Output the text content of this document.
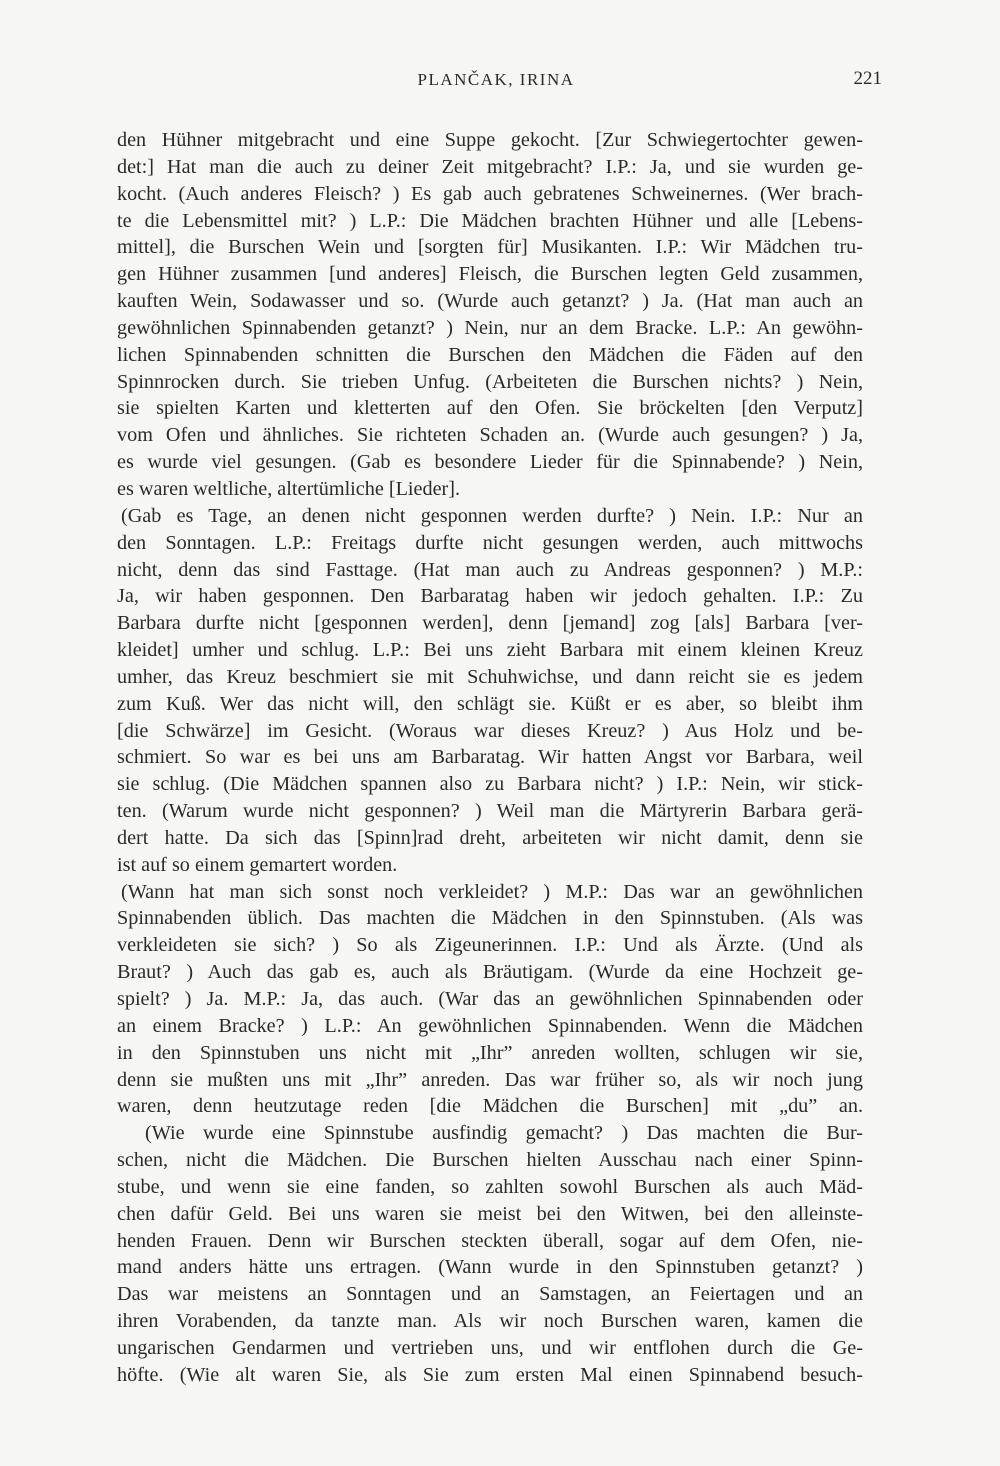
PLANČAK, IRINA	221
den Hühner mitgebracht und eine Suppe gekocht. [Zur Schwiegertochter gewen-
det:] Hat man die auch zu deiner Zeit mitgebracht? I.P.: Ja, und sie wurden ge-
kocht. (Auch anderes Fleisch? ) Es gab auch gebratenes Schweinernes. (Wer brach-
te die Lebensmittel mit? ) L.P.: Die Mädchen brachten Hühner und alle [Lebens-
mittel], die Burschen Wein und [sorgten für] Musikanten. I.P.: Wir Mädchen tru-
gen Hühner zusammen [und anderes] Fleisch, die Burschen legten Geld zusammen,
kauften Wein, Sodawasser und so. (Wurde auch getanzt? ) Ja. (Hat man auch an
gewöhnlichen Spinnabenden getanzt? ) Nein, nur an dem Bracke. L.P.: An gewöhn-
lichen Spinnabenden schnitten die Burschen den Mädchen die Fäden auf den
Spinnrocken durch. Sie trieben Unfug. (Arbeiteten die Burschen nichts? ) Nein,
sie spielten Karten und kletterten auf den Ofen. Sie bröckelten [den Verputz]
vom Ofen und ähnliches. Sie richteten Schaden an. (Wurde auch gesungen? ) Ja,
es wurde viel gesungen. (Gab es besondere Lieder für die Spinnabende? ) Nein,
es waren weltliche, altertümliche [Lieder].
(Gab es Tage, an denen nicht gesponnen werden durfte? ) Nein. I.P.: Nur an
den Sonntagen. L.P.: Freitags durfte nicht gesungen werden, auch mittwochs
nicht, denn das sind Fasttage. (Hat man auch zu Andreas gesponnen? ) M.P.:
Ja, wir haben gesponnen. Den Barbaratag haben wir jedoch gehalten. I.P.: Zu
Barbara durfte nicht [gesponnen werden], denn [jemand] zog [als] Barbara [ver-
kleidet] umher und schlug. L.P.: Bei uns zieht Barbara mit einem kleinen Kreuz
umher, das Kreuz beschmiert sie mit Schuhwichse, und dann reicht sie es jedem
zum Kuß. Wer das nicht will, den schlägt sie. Küßt er es aber, so bleibt ihm
[die Schwärze] im Gesicht. (Woraus war dieses Kreuz? ) Aus Holz und be-
schmiert. So war es bei uns am Barbaratag. Wir hatten Angst vor Barbara, weil
sie schlug. (Die Mädchen spannen also zu Barbara nicht? ) I.P.: Nein, wir stick-
ten. (Warum wurde nicht gesponnen? ) Weil man die Märtyrerin Barbara gerä-
dert hatte. Da sich das [Spinn]rad dreht, arbeiteten wir nicht damit, denn sie
ist auf so einem gemartert worden.
(Wann hat man sich sonst noch verkleidet? ) M.P.: Das war an gewöhnlichen
Spinnabenden üblich. Das machten die Mädchen in den Spinnstuben. (Als was
verkleideten sie sich? ) So als Zigeunerinnen. I.P.: Und als Ärzte. (Und als
Braut? ) Auch das gab es, auch als Bräutigam. (Wurde da eine Hochzeit ge-
spielt? ) Ja. M.P.: Ja, das auch. (War das an gewöhnlichen Spinnabenden oder
an einem Bracke? ) L.P.: An gewöhnlichen Spinnabenden. Wenn die Mädchen
in den Spinnstuben uns nicht mit „Ihr” anreden wollten, schlugen wir sie,
denn sie mußten uns mit „Ihr” anreden. Das war früher so, als wir noch jung
waren, denn heutzutage reden [die Mädchen die Burschen] mit „du” an.
(Wie wurde eine Spinnstube ausfindig gemacht? ) Das machten die Bur-
schen, nicht die Mädchen. Die Burschen hielten Ausschau nach einer Spinn-
stube, und wenn sie eine fanden, so zahlten sowohl Burschen als auch Mäd-
chen dafür Geld. Bei uns waren sie meist bei den Witwen, bei den alleinste-
henden Frauen. Denn wir Burschen steckten überall, sogar auf dem Ofen, nie-
mand anders hätte uns ertragen. (Wann wurde in den Spinnstuben getanzt? )
Das war meistens an Sonntagen und an Samstagen, an Feiertagen und an
ihren Vorabenden, da tanzte man. Als wir noch Burschen waren, kamen die
ungarischen Gendarmen und vertrieben uns, und wir entflohen durch die Ge-
höfte. (Wie alt waren Sie, als Sie zum ersten Mal einen Spinnabend besuch-
